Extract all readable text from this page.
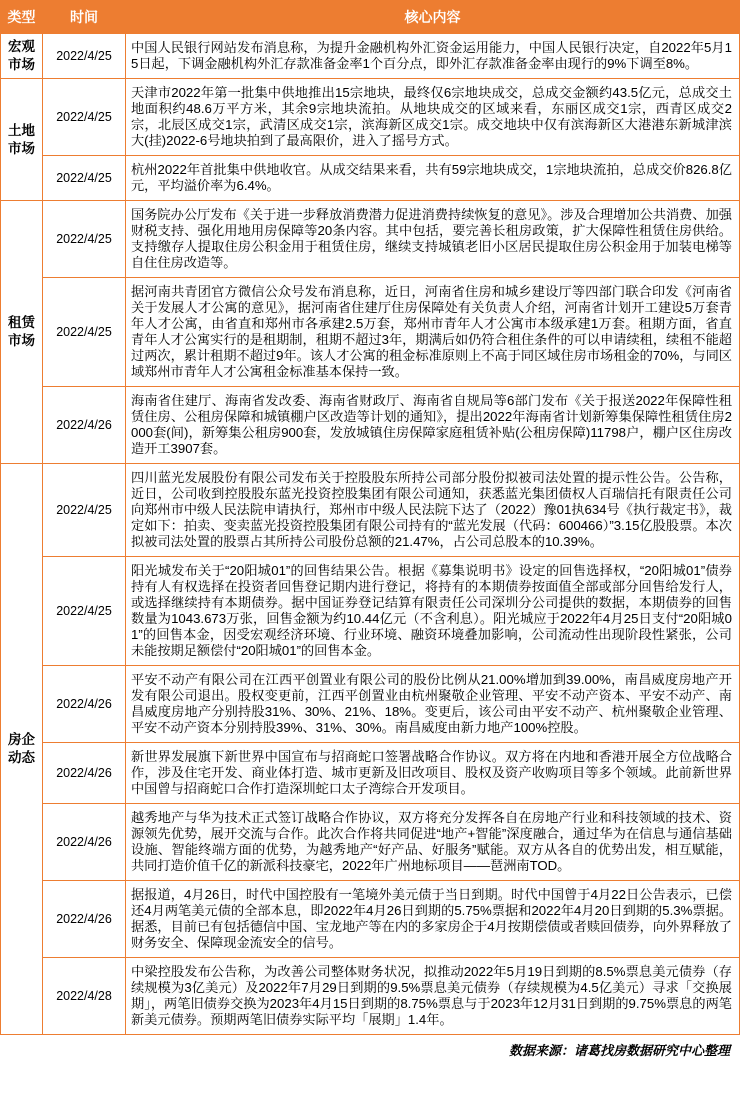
类型	时间	核心内容
宏观市场	2022/4/25	中国人民银行网站发布消息称，为提升金融机构外汇资金运用能力，中国人民银行决定，自2022年5月15日起，下调金融机构外汇存款准备金率1个百分点，即外汇存款准备金率由现行的9%下调至8%。
土地市场	2022/4/25	天津市2022年第一批集中供地推出15宗地块，最终仅6宗地块成交，总成交金额约43.5亿元，总成交土地面积约48.6万平方米，其余9宗地块流拍。从地块成交的区域来看，东丽区成交1宗，西青区成交2宗，北辰区成交1宗，武清区成交1宗，滨海新区成交1宗。成交地块中仅有滨海新区大港港东新城津滨大(挂)2022-6号地块拍到了最高限价，进入了摇号方式。
	2022/4/25	杭州2022年首批集中供地收官。从成交结果来看，共有59宗地块成交，1宗地块流拍，总成交价826.8亿元，平均溢价率为6.4%。
租赁市场	2022/4/25	国务院办公厅发布《关于进一步释放消费潜力促进消费持续恢复的意见》。涉及合理增加公共消费、加强财税支持、强化用地用房保障等20条内容。其中包括，要完善长租房政策，扩大保障性租赁住房供给。支持缴存人提取住房公积金用于租赁住房，继续支持城镇老旧小区居民提取住房公积金用于加装电梯等自住住房改造等。
	2022/4/25	据河南共青团官方微信公众号发布消息称，近日，河南省住房和城乡建设厅等四部门联合印发《河南省关于发展人才公寓的意见》，据河南省住建厅住房保障处有关负责人介绍，河南省计划开工建设5万套青年人才公寓，由省直和郑州市各承建2.5万套，郑州市青年人才公寓市本级承建1万套。租期方面，省直青年人才公寓实行的是租期制，租期不超过3年，期满后如仍符合租住条件的可以申请续租，续租不能超过两次，累计租期不超过9年。该人才公寓的租金标准原则上不高于同区域住房市场租金的70%，与同区域郑州市青年人才公寓租金标准基本保持一致。
	2022/4/26	海南省住建厅、海南省发改委、海南省财政厅、海南省自规局等6部门发布《关于报送2022年保障性租赁住房、公租房保障和城镇棚户区改造等计划的通知》，提出2022年海南省计划新筹集保障性租赁住房2000套(间)，新筹集公租房900套，发放城镇住房保障家庭租赁补贴(公租房保障)11798户，棚户区住房改造开工3907套。
房企动态	2022/4/25	四川蓝光发展股份有限公司发布关于控股股东所持公司部分股份拟被司法处置的提示性公告。公告称，近日，公司收到控股股东蓝光投资控股集团有限公司通知，获悉蓝光集团债权人百瑞信托有限责任公司向郑州市中级人民法院申请执行，郑州市中级人民法院下达了（2022）豫01执634号《执行裁定书》，裁定如下：拍卖、变卖蓝光投资控股集团有限公司持有的“蓝光发展（代码：600466）”3.15亿股股票。本次拟被司法处置的股票占其所持公司股份总额的21.47%，占公司总股本的10.39%。
	2022/4/25	阳光城发布关于“20阳城01”的回售结果公告。根据《募集说明书》设定的回售选择权，“20阳城01”债券持有人有权选择在投资者回售登记期内进行登记，将持有的本期债券按面值全部或部分回售给发行人，或选择继续持有本期债券。据中国证券登记结算有限责任公司深圳分公司提供的数据，本期债券的回售数量为1043.673万张，回售金额为约10.44亿元（不含利息）。阳光城应于2022年4月25日支付“20阳城01”的回售本金，因受宏观经济环境、行业环境、融资环境叠加影响，公司流动性出现阶段性紧张，公司未能按期足额偿付“20阳城01”的回售本金。
	2022/4/26	平安不动产有限公司在江西平创置业有限公司的股份比例从21.00%增加到39.00%，南昌威度房地产开发有限公司退出。股权变更前，江西平创置业由杭州聚敬企业管理、平安不动产资本、平安不动产、南昌威度房地产分别持股31%、30%、21%、18%。变更后，该公司由平安不动产、杭州聚敬企业管理、平安不动产资本分别持股39%、31%、30%。南昌威度由新力地产100%控股。
	2022/4/26	新世界发展旗下新世界中国宣布与招商蛇口签署战略合作协议。双方将在内地和香港开展全方位战略合作，涉及住宅开发、商业体打造、城市更新及旧改项目、股权及资产收购项目等多个领域。此前新世界中国曾与招商蛇口合作打造深圳蛇口太子湾综合开发项目。
	2022/4/26	越秀地产与华为技术正式签订战略合作协议，双方将充分发挥各自在房地产行业和科技领域的技术、资源领先优势，展开交流与合作。此次合作将共同促进“地产+智能”深度融合，通过华为在信息与通信基础设施、智能终端方面的优势，为越秀地产“好产品、好服务”赋能。双方从各自的优势出发，相互赋能，共同打造价值千亿的新派科技豪宅，2022年广州地标项目——琶洲南TOD。
	2022/4/26	据报道，4月26日，时代中国控股有一笔境外美元债于当日到期。时代中国曾于4月22日公告表示，已偿还4月两笔美元债的全部本息，即2022年4月26日到期的5.75%票据和2022年4月20日到期的5.3%票据。据悉，目前已有包括德信中国、宝龙地产等在内的多家房企于4月按期偿债或者赎回债券，向外界释放了财务安全、保障现金流安全的信号。
	2022/4/28	中梁控股发布公告称，为改善公司整体财务状况，拟推动2022年5月19日到期的8.5%票息美元债券（存续规模为3亿美元）及2022年7月29日到期的9.5%票息美元债券（存续规模为4.5亿美元）寻求「交换展期」，两笔旧债券交换为2023年4月15日到期的8.75%票息与于2023年12月31日到期的9.75%票息的两笔新美元债券。预期两笔旧债券实际平均「展期」1.4年。
数据来源：诸葛找房数据研究中心整理
